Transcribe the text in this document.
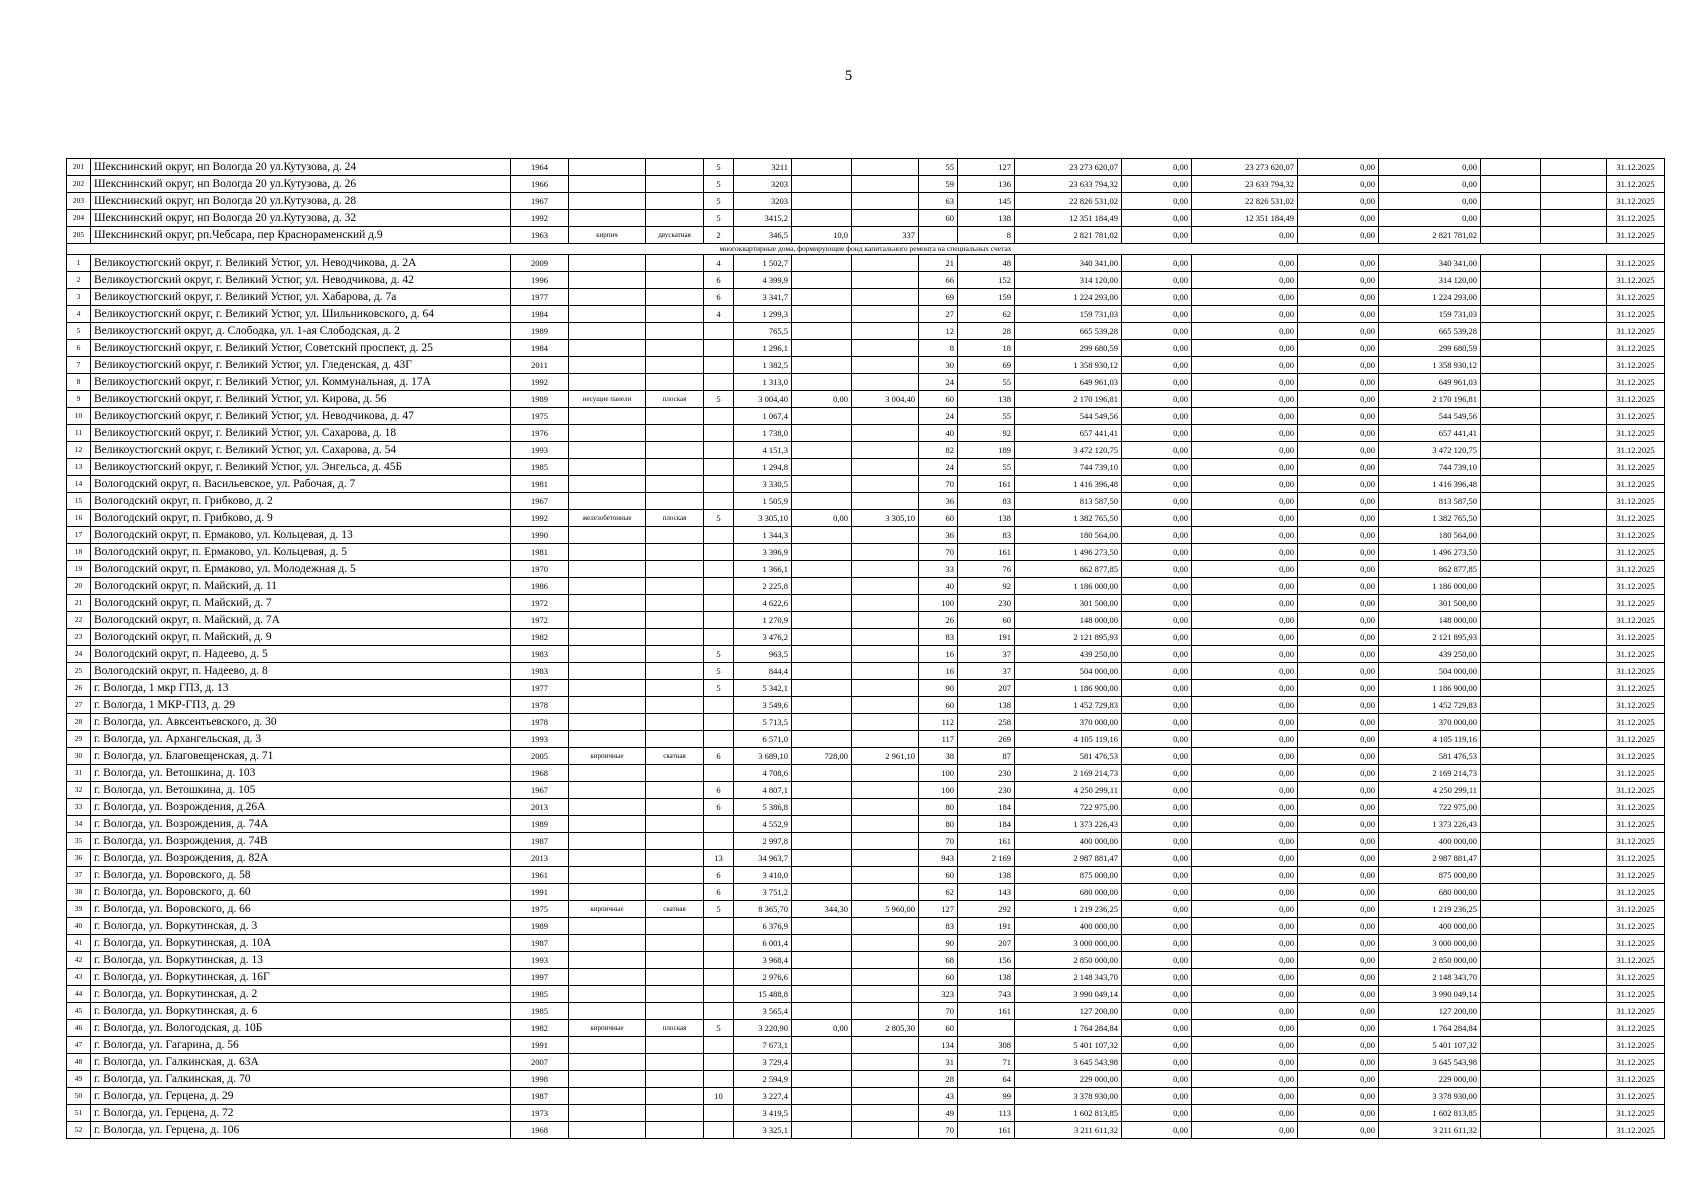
5
201	Шекснинский округ, нп Вологда 20 ул.Кутузова, д. 24	1964			5	3211			55	127	23 273 620,07	0,00	23 273 620,07	0,00	0,00			31.12.2025
202	Шекснинский округ, нп Вологда 20 ул.Кутузова, д. 26	1966			5	3203			59	136	23 633 794,32	0,00	23 633 794,32	0,00	0,00			31.12.2025
203	Шекснинский округ, нп Вологда 20 ул.Кутузова, д. 28	1967			5	3203			63	145	22 826 531,02	0,00	22 826 531,02	0,00	0,00			31.12.2025
204	Шекснинский округ, нп Вологда 20 ул.Кутузова, д. 32	1992			5	3415,2			60	138	12 351 184,49	0,00	12 351 184,49	0,00	0,00			31.12.2025
205	Шекснинский округ, рп.Чебсара, пер Краснораменский д.9	1963	кирпич	двускатная	2	346,5	10,0	337		8	2 821 781,02	0,00	0,00	0,00	2 821 781,02			31.12.2025
многоквартирные дома, формирующие фонд капитального ремонта на специальных счетах																		
1	Великоустюгский округ, г. Великий Устюг, ул. Неводчикова, д. 2А	2009			4	1 502,7			21	48	340 341,00	0,00	0,00	0,00	340 341,00			31.12.2025
2	Великоустюгский округ, г. Великий Устюг, ул. Неводчикова, д. 42	1996			6	4 399,9			66	152	314 120,00	0,00	0,00	0,00	314 120,00			31.12.2025
3	Великоустюгский округ, г. Великий Устюг, ул. Хабарова, д. 7а	1977			6	3 341,7			69	159	1 224 293,00	0,00	0,00	0,00	1 224 293,00			31.12.2025
4	Великоустюгский округ, г. Великий Устюг, ул. Шильниковского, д. 64	1984			4	1 299,3			27	62	159 731,03	0,00	0,00	0,00	159 731,03			31.12.2025
5	Великоустюгский округ, д. Слободка, ул. 1-ая Слободская, д. 2	1989				765,5			12	28	665 539,28	0,00	0,00	0,00	665 539,28			31.12.2025
6	Великоустюгский округ, г. Великий Устюг, Советский проспект, д. 25	1984				1 296,1			8	18	299 680,59	0,00	0,00	0,00	299 680,59			31.12.2025
7	Великоустюгский округ, г. Великий Устюг, ул. Гледенская, д. 43Г	2011				1 382,5			30	69	1 358 930,12	0,00	0,00	0,00	1 358 930,12			31.12.2025
8	Великоустюгский округ, г. Великий Устюг, ул. Коммунальная, д. 17А	1992				1 313,0			24	55	649 961,03	0,00	0,00	0,00	649 961,03			31.12.2025
9	Великоустюгский округ, г. Великий Устюг, ул. Кирова, д. 56	1989	несущие панели	плоская	5	3 004,40	0,00	3 004,40	60	138	2 170 196,81	0,00	0,00	0,00	2 170 196,81			31.12.2025
10	Великоустюгский округ, г. Великий Устюг, ул. Неводчикова, д. 47	1975				1 067,4			24	55	544 549,56	0,00	0,00	0,00	544 549,56			31.12.2025
11	Великоустюгский округ, г. Великий Устюг, ул. Сахарова, д. 18	1976				1 738,0			40	92	657 441,41	0,00	0,00	0,00	657 441,41			31.12.2025
12	Великоустюгский округ, г. Великий Устюг, ул. Сахарова, д. 54	1993				4 151,3			82	189	3 472 120,75	0,00	0,00	0,00	3 472 120,75			31.12.2025
13	Великоустюгский округ, г. Великий Устюг, ул. Энгельса, д. 45Б	1985				1 294,8			24	55	744 739,10	0,00	0,00	0,00	744 739,10			31.12.2025
14	Вологодский округ, п. Васильевское, ул. Рабочая, д. 7	1981				3 330,5			70	161	1 416 396,48	0,00	0,00	0,00	1 416 396,48			31.12.2025
15	Вологодский округ, п. Грибково, д. 2	1967				1 505,9			36	83	813 587,50	0,00	0,00	0,00	813 587,50			31.12.2025
16	Вологодский округ, п. Грибково, д. 9	1992	железобетонные	плоская	5	3 305,10	0,00	3 305,10	60	138	1 382 765,50	0,00	0,00	0,00	1 382 765,50			31.12.2025
17	Вологодский округ, п. Ермаково, ул. Кольцевая, д. 13	1990				1 344,3			36	83	180 564,00	0,00	0,00	0,00	180 564,00			31.12.2025
18	Вологодский округ, п. Ермаково, ул. Кольцевая, д. 5	1981				3 396,9			70	161	1 496 273,50	0,00	0,00	0,00	1 496 273,50			31.12.2025
19	Вологодский округ, п. Ермаково, ул. Молодежная д. 5	1970				1 366,1			33	76	862 877,85	0,00	0,00	0,00	862 877,85			31.12.2025
20	Вологодский округ, п. Майский, д. 11	1986				2 225,8			40	92	1 186 000,00	0,00	0,00	0,00	1 186 000,00			31.12.2025
21	Вологодский округ, п. Майский, д. 7	1972				4 622,6			100	230	301 500,00	0,00	0,00	0,00	301 500,00			31.12.2025
22	Вологодский округ, п. Майский, д. 7А	1972				1 270,9			26	60	148 000,00	0,00	0,00	0,00	148 000,00			31.12.2025
23	Вологодский округ, п. Майский, д. 9	1982				3 476,2			83	191	2 121 895,93	0,00	0,00	0,00	2 121 895,93			31.12.2025
24	Вологодский округ, п. Надеево, д. 5	1983			5	963,5			16	37	439 250,00	0,00	0,00	0,00	439 250,00			31.12.2025
25	Вологодский округ, п. Надеево, д. 8	1983			5	844,4			16	37	504 000,00	0,00	0,00	0,00	504 000,00			31.12.2025
26	г. Вологда, 1 мкр ГПЗ, д. 13	1977			5	5 342,1			90	207	1 186 900,00	0,00	0,00	0,00	1 186 900,00			31.12.2025
27	г. Вологда, 1 МКР-ГПЗ, д. 29	1978				3 549,6			60	138	1 452 729,83	0,00	0,00	0,00	1 452 729,83			31.12.2025
28	г. Вологда, ул. Авксентьевского, д. 30	1978				5 713,5			112	258	370 000,00	0,00	0,00	0,00	370 000,00			31.12.2025
29	г. Вологда, ул. Архангельская, д. 3	1993				6 571,0			117	269	4 105 119,16	0,00	0,00	0,00	4 105 119,16			31.12.2025
30	г. Вологда, ул. Благовещенская, д. 71	2005	кирпичные	скатная	6	3 689,10	728,00	2 961,10	38	87	581 476,53	0,00	0,00	0,00	581 476,53			31.12.2025
31	г. Вологда, ул. Ветошкина, д. 103	1968				4 708,6			100	230	2 169 214,73	0,00	0,00	0,00	2 169 214,73			31.12.2025
32	г. Вологда, ул. Ветошкина, д. 105	1967			6	4 807,1			100	230	4 250 299,11	0,00	0,00	0,00	4 250 299,11			31.12.2025
33	г. Вологда, ул. Возрождения, д.26А	2013			6	5 386,8			80	184	722 975,00	0,00	0,00	0,00	722 975,00			31.12.2025
34	г. Вологда, ул. Возрождения, д. 74А	1989				4 552,9			80	184	1 373 226,43	0,00	0,00	0,00	1 373 226,43			31.12.2025
35	г. Вологда, ул. Возрождения, д. 74В	1987				2 997,8			70	161	400 000,00	0,00	0,00	0,00	400 000,00			31.12.2025
36	г. Вологда, ул. Возрождения, д. 82А	2013			13	34 963,7			943	2 169	2 987 881,47	0,00	0,00	0,00	2 987 881,47			31.12.2025
37	г. Вологда, ул. Воровского, д. 58	1961			6	3 410,0			60	138	875 000,00	0,00	0,00	0,00	875 000,00			31.12.2025
38	г. Вологда, ул. Воровского, д. 60	1991			6	3 751,2			62	143	680 000,00	0,00	0,00	0,00	680 000,00			31.12.2025
39	г. Вологда, ул. Воровского, д. 66	1975	кирпичные	скатная	5	8 365,70	344,30	5 960,00	127	292	1 219 236,25	0,00	0,00	0,00	1 219 236,25			31.12.2025
40	г. Вологда, ул. Воркутинская, д. 3	1989				6 376,9			83	191	400 000,00	0,00	0,00	0,00	400 000,00			31.12.2025
41	г. Вологда, ул. Воркутинская, д. 10А	1987				6 001,4			90	207	3 000 000,00	0,00	0,00	0,00	3 000 000,00			31.12.2025
42	г. Вологда, ул. Воркутинская, д. 13	1993				3 968,4			68	156	2 850 000,00	0,00	0,00	0,00	2 850 000,00			31.12.2025
43	г. Вологда, ул. Воркутинская, д. 16Г	1997				2 976,6			60	138	2 148 343,70	0,00	0,00	0,00	2 148 343,70			31.12.2025
44	г. Вологда, ул. Воркутинская, д. 2	1985				15 488,8			323	743	3 990 049,14	0,00	0,00	0,00	3 990 049,14			31.12.2025
45	г. Вологда, ул. Воркутинская, д. 6	1985				3 565,4			70	161	127 200,00	0,00	0,00	0,00	127 200,00			31.12.2025
46	г. Вологда, ул. Вологодская, д. 10Б	1982	кирпичные	плоская	5	3 220,90	0,00	2 805,30	60		1 764 284,84	0,00	0,00	0,00	1 764 284,84			31.12.2025
47	г. Вологда, ул. Гагарина, д. 56	1991				7 673,1			134	308	5 401 107,32	0,00	0,00	0,00	5 401 107,32			31.12.2025
48	г. Вологда, ул. Галкинская, д. 63А	2007				3 729,4			31	71	3 645 543,98	0,00	0,00	0,00	3 645 543,98			31.12.2025
49	г. Вологда, ул. Галкинская, д. 70	1998				2 594,9			28	64	229 000,00	0,00	0,00	0,00	229 000,00			31.12.2025
50	г. Вологда, ул. Герцена, д. 29	1987			10	3 227,4			43	99	3 378 930,00	0,00	0,00	0,00	3 378 930,00			31.12.2025
51	г. Вологда, ул. Герцена, д. 72	1973				3 419,5			49	113	1 602 813,85	0,00	0,00	0,00	1 602 813,85			31.12.2025
52	г. Вологда, ул. Герцена, д. 106	1968				3 325,1			70	161	3 211 611,32	0,00	0,00	0,00	3 211 611,32			31.12.2025
